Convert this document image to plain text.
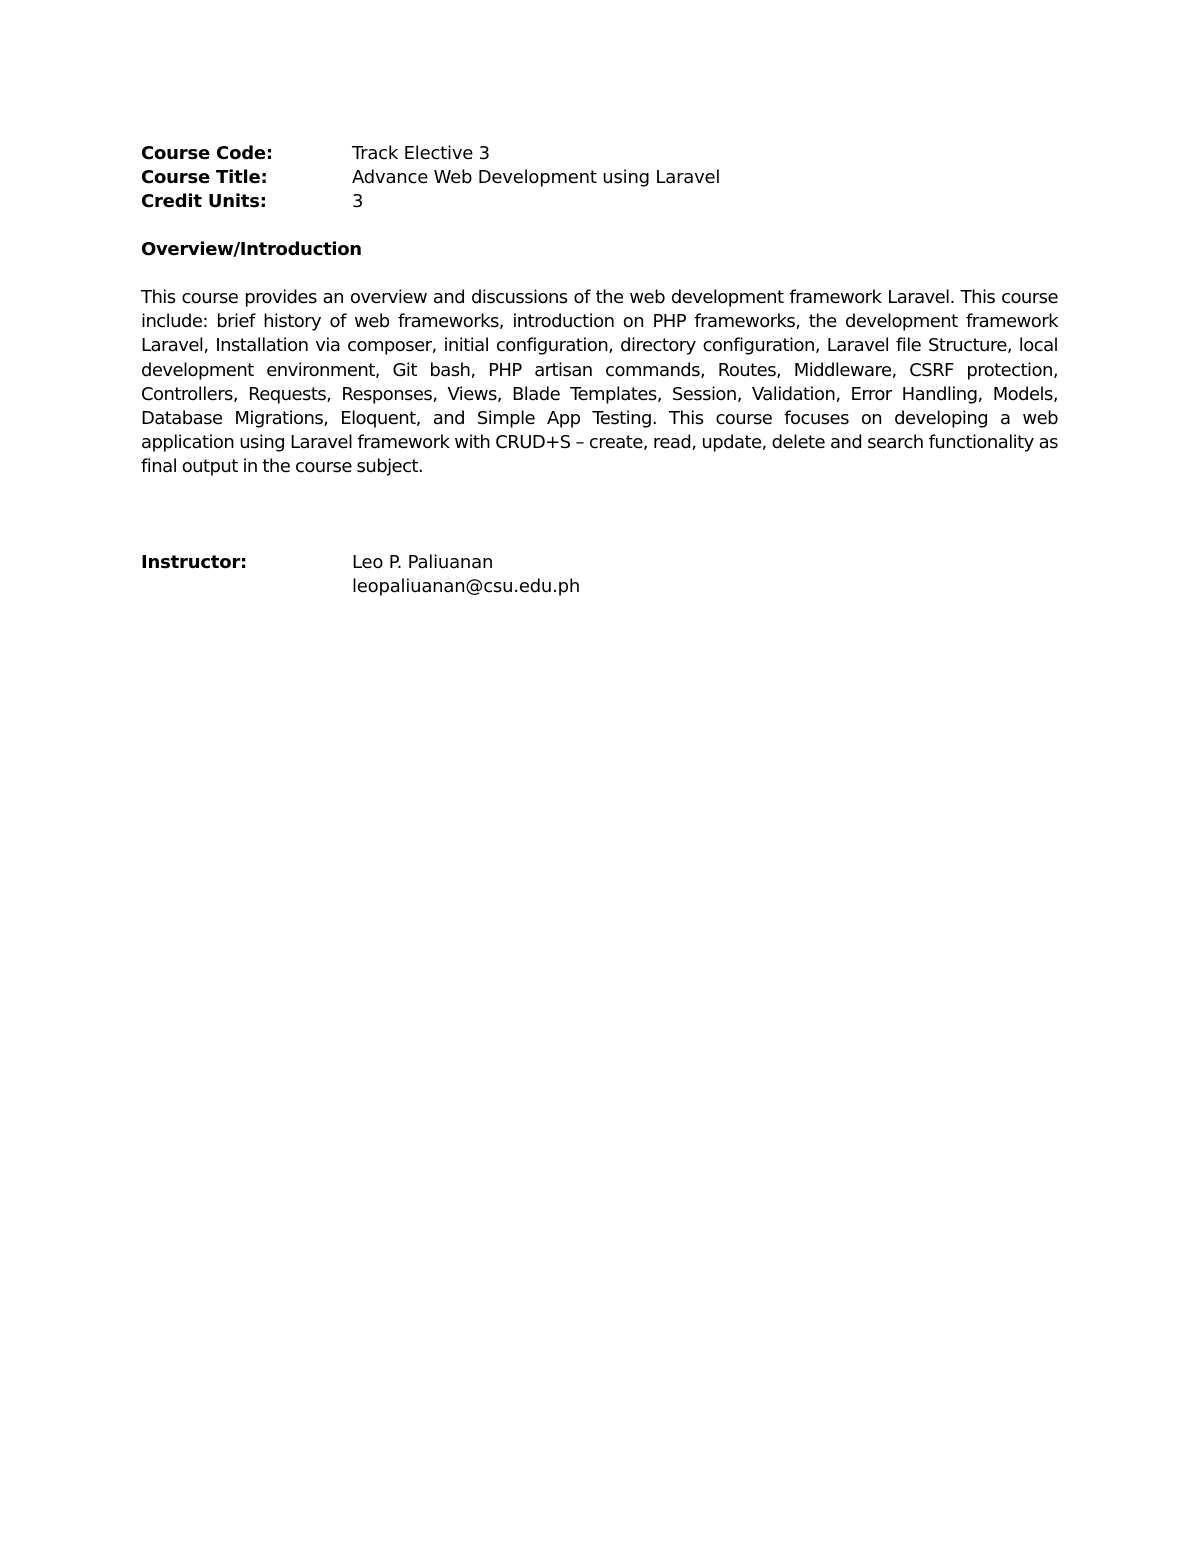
Course Code:	Track Elective 3
Course Title:	Advance Web Development using Laravel
Credit Units:	3
Overview/Introduction
This course provides an overview and discussions of the web development framework Laravel. This course include: brief history of web frameworks, introduction on PHP frameworks, the development framework Laravel, Installation via composer, initial configuration, directory configuration, Laravel file Structure, local development environment, Git bash, PHP artisan commands, Routes, Middleware, CSRF protection, Controllers, Requests, Responses, Views, Blade Templates, Session, Validation, Error Handling, Models, Database Migrations, Eloquent, and Simple App Testing. This course focuses on developing a web application using Laravel framework with CRUD+S – create, read, update, delete and search functionality as final output in the course subject.
Instructor:	Leo P. Paliuanan
leopaliuanan@csu.edu.ph
